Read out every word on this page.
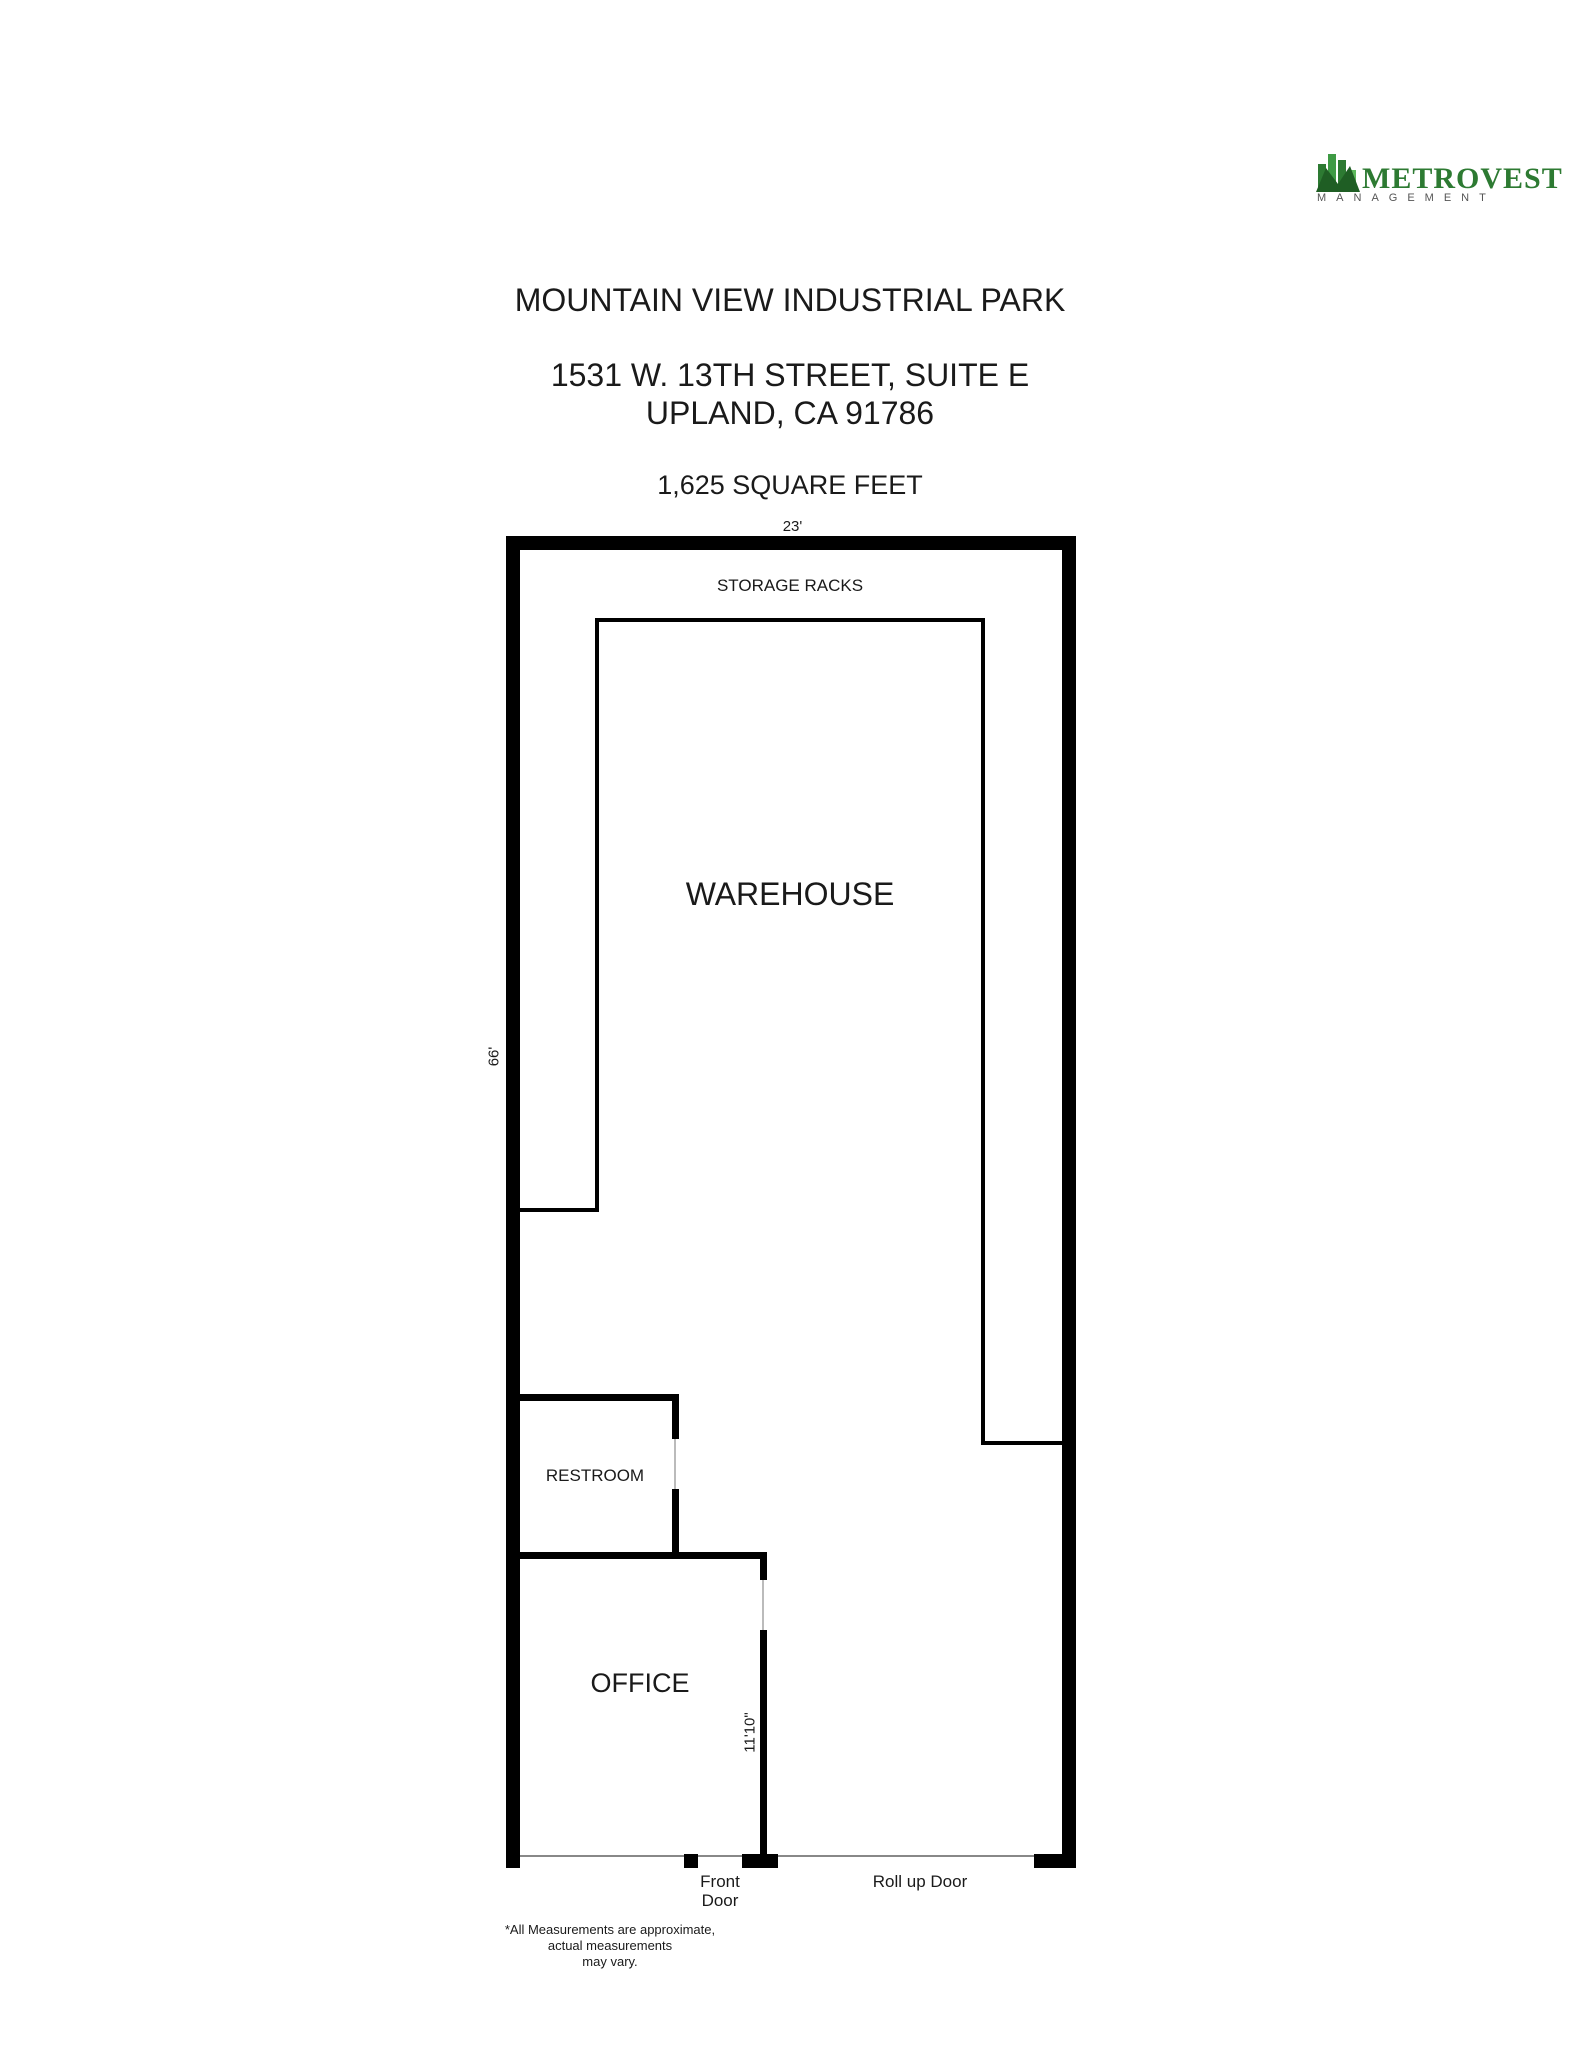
METROVEST
MANAGEMENT
MOUNTAIN VIEW INDUSTRIAL PARK
1531 W. 13TH STREET, SUITE E
UPLAND, CA 91786
1,625 SQUARE FEET
23'
66'
11'10"
STORAGE RACKS
WAREHOUSE
RESTROOM
OFFICE
Front
Door
Roll up Door
*All Measurements are approximate,
actual measurements
may vary.
